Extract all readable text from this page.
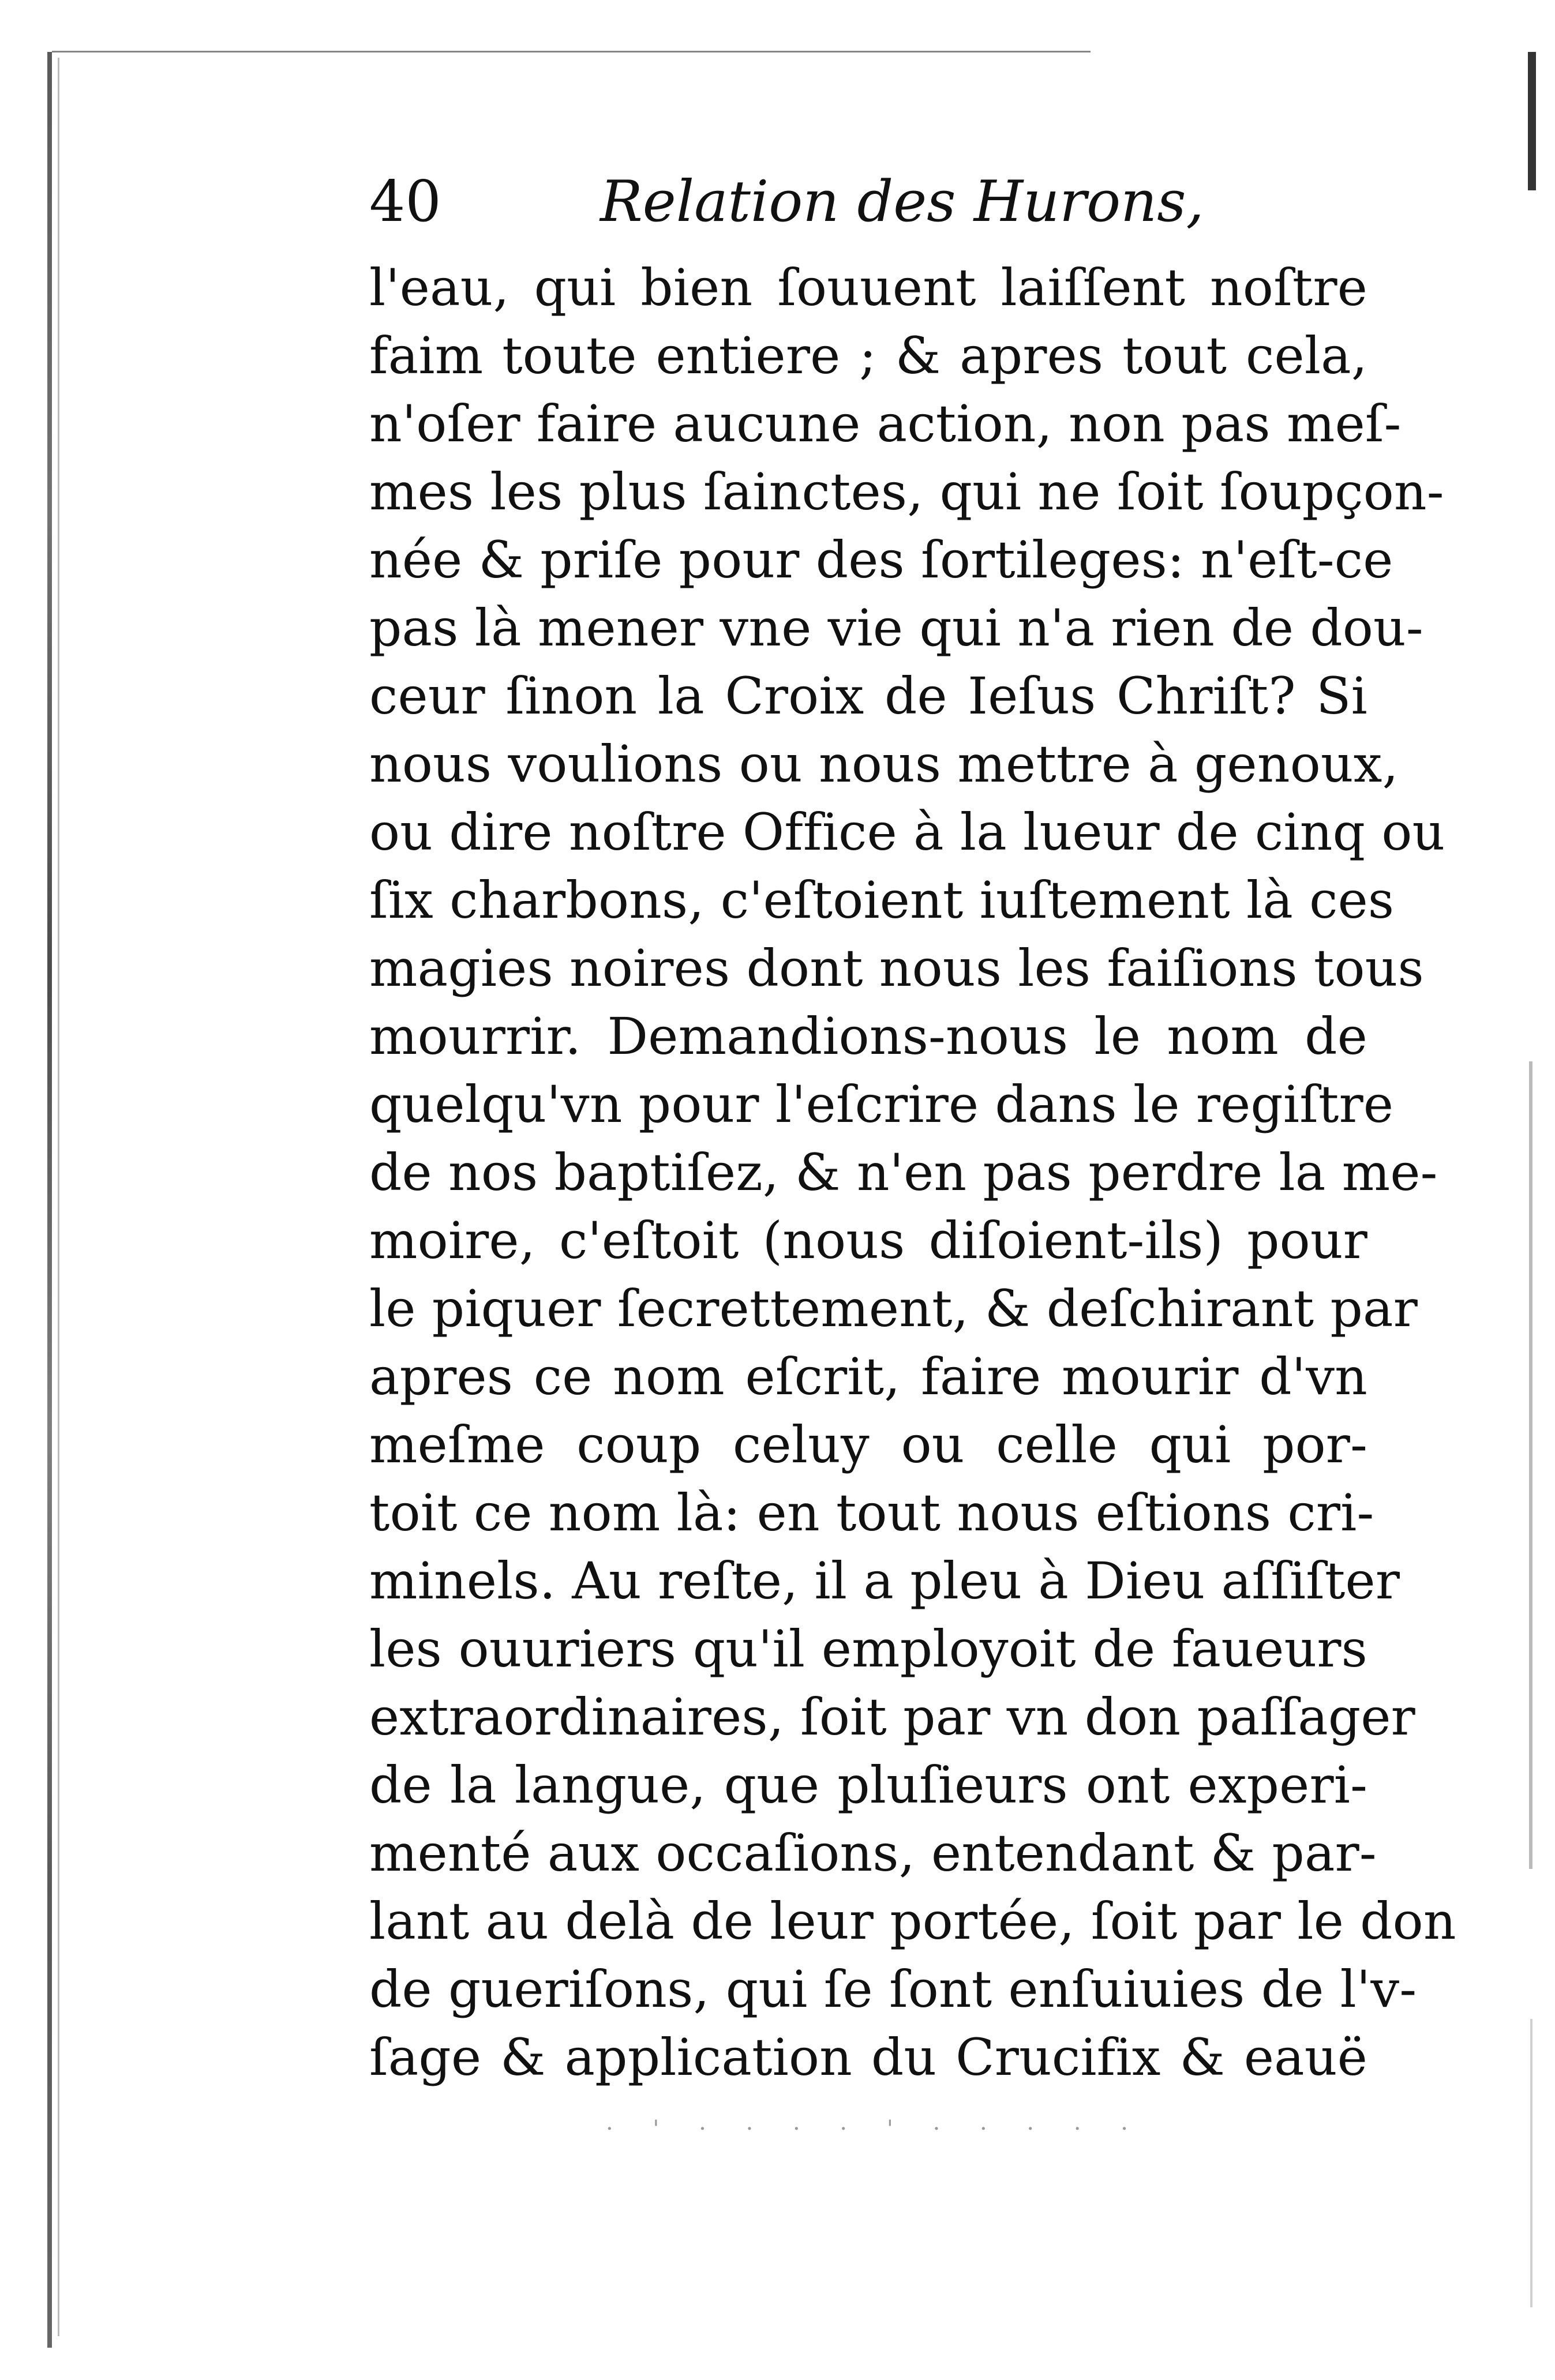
40	Relation des Hurons,
l'eau, qui bien ſouuent laiſſent noſtre
faim toute entiere ; & apres tout cela,
n'oſer faire aucune action, non pas meſ-
mes les plus ſainctes, qui ne ſoit ſoupçon-
née & priſe pour des ſortileges: n'eſt-ce
pas là mener vne vie qui n'a rien de dou-
ceur ſinon la Croix de Ieſus Chriſt? Si
nous voulions ou nous mettre à genoux,
ou dire noſtre Office à la lueur de cinq ou
ſix charbons, c'eſtoient iuſtement là ces
magies noires dont nous les faiſions tous
mourrir. Demandions-nous le nom de
quelqu'vn pour l'eſcrire dans le regiſtre
de nos baptiſez, & n'en pas perdre la me-
moire, c'eſtoit (nous diſoient-ils) pour
le piquer ſecrettement, & deſchirant par
apres ce nom eſcrit, faire mourir d'vn
meſme coup celuy ou celle qui por-
toit ce nom là: en tout nous eſtions cri-
minels. Au reſte, il a pleu à Dieu aſſiſter
les ouuriers qu'il employoit de faueurs
extraordinaires, ſoit par vn don paſſager
de la langue, que pluſieurs ont experi-
menté aux occaſions, entendant & par-
lant au delà de leur portée, ſoit par le don
de gueriſons, qui ſe ſont enſuiuies de l'v-
ſage & application du Crucifix & eauë
· ' · · · · ' · · · · ·
